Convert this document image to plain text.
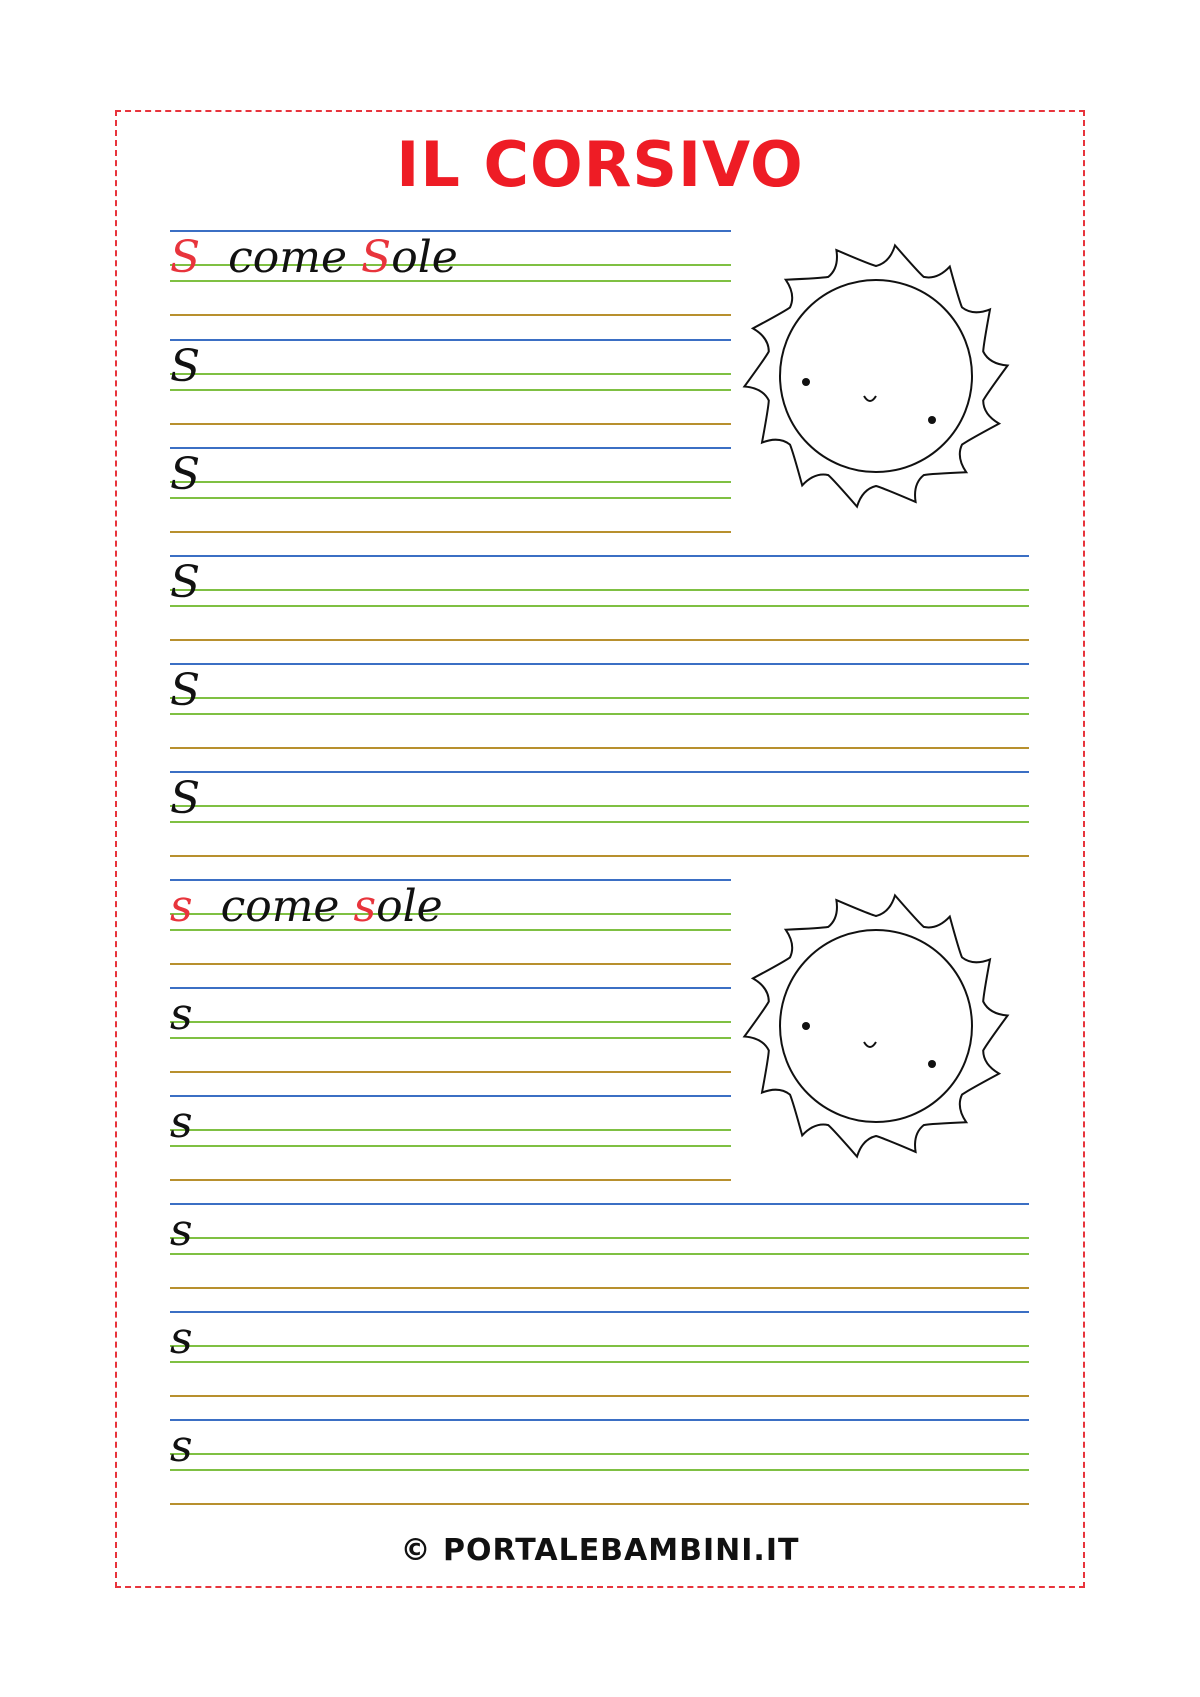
IL CORSIVO
S come Sole
S
S
S
S
S
s come sole
s
s
s
s
s
© PORTALEBAMBINI.IT
